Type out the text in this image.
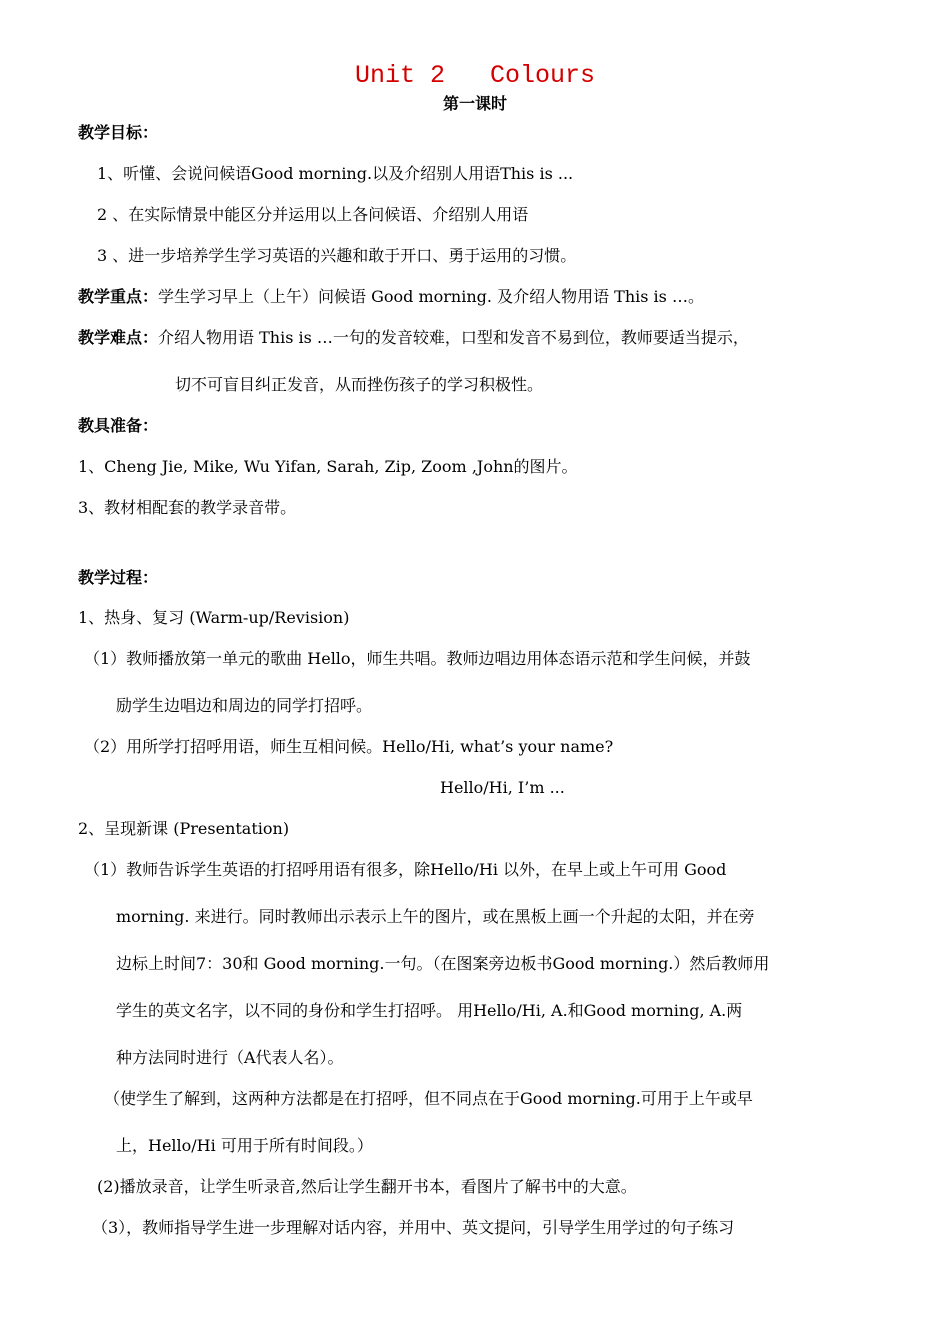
Unit 2   Colours
第一课时
教学目标：
1、听懂、会说问候语Good morning.以及介绍别人用语This is ...
2 、在实际情景中能区分并运用以上各问候语、介绍别人用语
3 、进一步培养学生学习英语的兴趣和敢于开口、勇于运用的习惯。
教学重点：学生学习早上（上午）问候语 Good morning. 及介绍人物用语 This is …。
教学难点：介绍人物用语 This is …一句的发音较难，口型和发音不易到位，教师要适当提示，
切不可盲目纠正发音，从而挫伤孩子的学习积极性。
教具准备：
1、Cheng Jie, Mike, Wu Yifan, Sarah, Zip, Zoom ,John的图片。
3、教材相配套的教学录音带。
教学过程：
1、热身、复习 (Warm-up/Revision)
（1）教师播放第一单元的歌曲 Hello，师生共唱。教师边唱边用体态语示范和学生问候，并鼓
励学生边唱边和周边的同学打招呼。
（2）用所学打招呼用语，师生互相问候。Hello/Hi, what’s your name?
Hello/Hi, I’m ...
2、呈现新课 (Presentation)
（1）教师告诉学生英语的打招呼用语有很多，除Hello/Hi 以外，在早上或上午可用 Good
morning. 来进行。同时教师出示表示上午的图片，或在黑板上画一个升起的太阳，并在旁
边标上时间7：30和 Good morning.一句。（在图案旁边板书Good morning.）然后教师用
学生的英文名字，以不同的身份和学生打招呼。 用Hello/Hi, A.和Good morning, A.两
种方法同时进行（A代表人名）。
（使学生了解到，这两种方法都是在打招呼，但不同点在于Good morning.可用于上午或早
上，Hello/Hi 可用于所有时间段。）
(2)播放录音，让学生听录音,然后让学生翻开书本，看图片了解书中的大意。
（3），教师指导学生进一步理解对话内容，并用中、英文提问，引导学生用学过的句子练习
